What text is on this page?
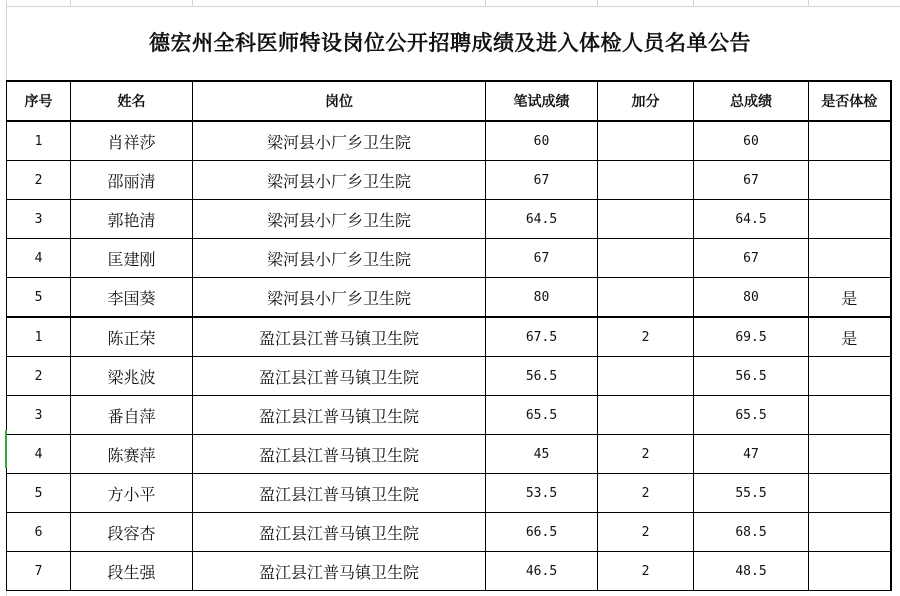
德宏州全科医师特设岗位公开招聘成绩及进入体检人员名单公告
序号	姓名	岗位	笔试成绩	加分	总成绩	是否体检
1	肖祥莎	梁河县小厂乡卫生院	60		60	
2	邵丽清	梁河县小厂乡卫生院	67		67	
3	郭艳清	梁河县小厂乡卫生院	64.5		64.5	
4	匡建刚	梁河县小厂乡卫生院	67		67	
5	李国葵	梁河县小厂乡卫生院	80		80	是
1	陈正荣	盈江县江普马镇卫生院	67.5	2	69.5	是
2	梁兆波	盈江县江普马镇卫生院	56.5		56.5	
3	番自萍	盈江县江普马镇卫生院	65.5		65.5	
4	陈赛萍	盈江县江普马镇卫生院	45	2	47	
5	方小平	盈江县江普马镇卫生院	53.5	2	55.5	
6	段容杏	盈江县江普马镇卫生院	66.5	2	68.5	
7	段生强	盈江县江普马镇卫生院	46.5	2	48.5	
